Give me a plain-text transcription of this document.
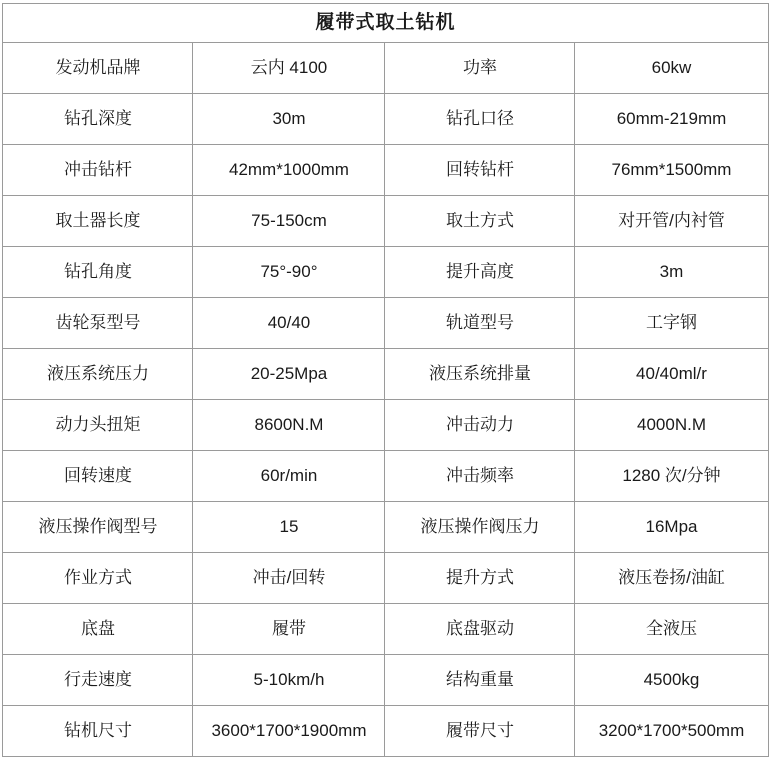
履带式取土钻机			
发动机品牌	云内 4100	功率	60kw
钻孔深度	30m	钻孔口径	60mm-219mm
冲击钻杆	42mm*1000mm	回转钻杆	76mm*1500mm
取土器长度	75-150cm	取土方式	对开管/内衬管
钻孔角度	75°-90°	提升高度	3m
齿轮泵型号	40/40	轨道型号	工字钢
液压系统压力	20-25Mpa	液压系统排量	40/40ml/r
动力头扭矩	8600N.M	冲击动力	4000N.M
回转速度	60r/min	冲击频率	1280 次/分钟
液压操作阀型号	15	液压操作阀压力	16Mpa
作业方式	冲击/回转	提升方式	液压卷扬/油缸
底盘	履带	底盘驱动	全液压
行走速度	5-10km/h	结构重量	4500kg
钻机尺寸	3600*1700*1900mm	履带尺寸	3200*1700*500mm
